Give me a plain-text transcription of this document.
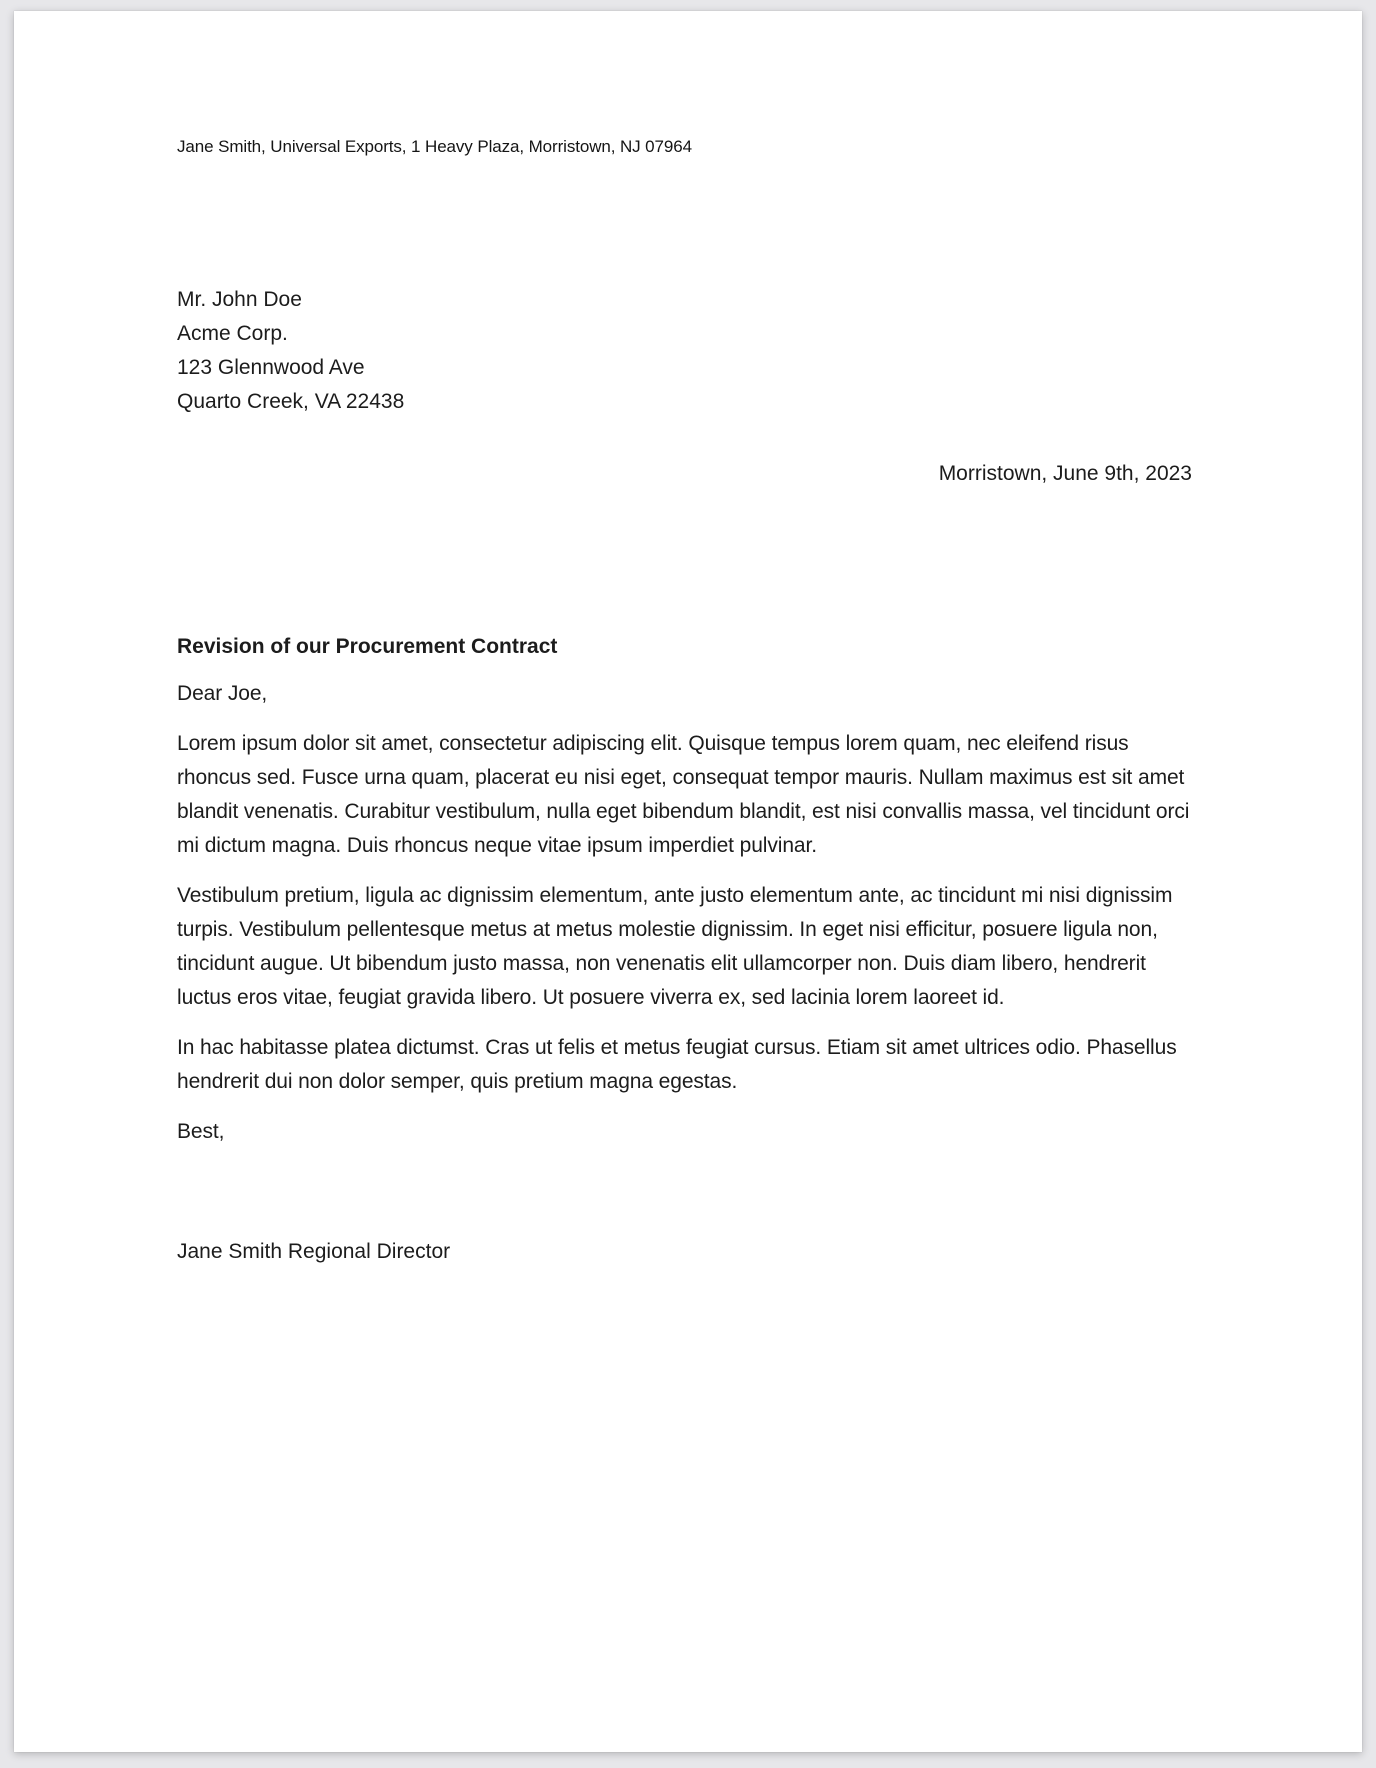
Jane Smith, Universal Exports, 1 Heavy Plaza, Morristown, NJ 07964
Mr. John Doe
Acme Corp.
123 Glennwood Ave
Quarto Creek, VA 22438
Morristown, June 9th, 2023
Revision of our Procurement Contract

Dear Joe,

Lorem ipsum dolor sit amet, consectetur adipiscing elit. Quisque tempus lorem quam, nec eleifend risus rhoncus sed. Fusce urna quam, placerat eu nisi eget, consequat tempor mauris. Nullam maximus est sit amet blandit venenatis. Curabitur vestibulum, nulla eget bibendum blandit, est nisi convallis massa, vel tincidunt orci mi dictum magna. Duis rhoncus neque vitae ipsum imperdiet pulvinar.

Vestibulum pretium, ligula ac dignissim elementum, ante justo elementum ante, ac tincidunt mi nisi dignissim turpis. Vestibulum pellentesque metus at metus molestie dignissim. In eget nisi efficitur, posuere ligula non, tincidunt augue. Ut bibendum justo massa, non venenatis elit ullamcorper non. Duis diam libero, hendrerit luctus eros vitae, feugiat gravida libero. Ut posuere viverra ex, sed lacinia lorem laoreet id.

In hac habitasse platea dictumst. Cras ut felis et metus feugiat cursus. Etiam sit amet ultrices odio. Phasellus hendrerit dui non dolor semper, quis pretium magna egestas.

Best,

Jane Smith Regional Director
